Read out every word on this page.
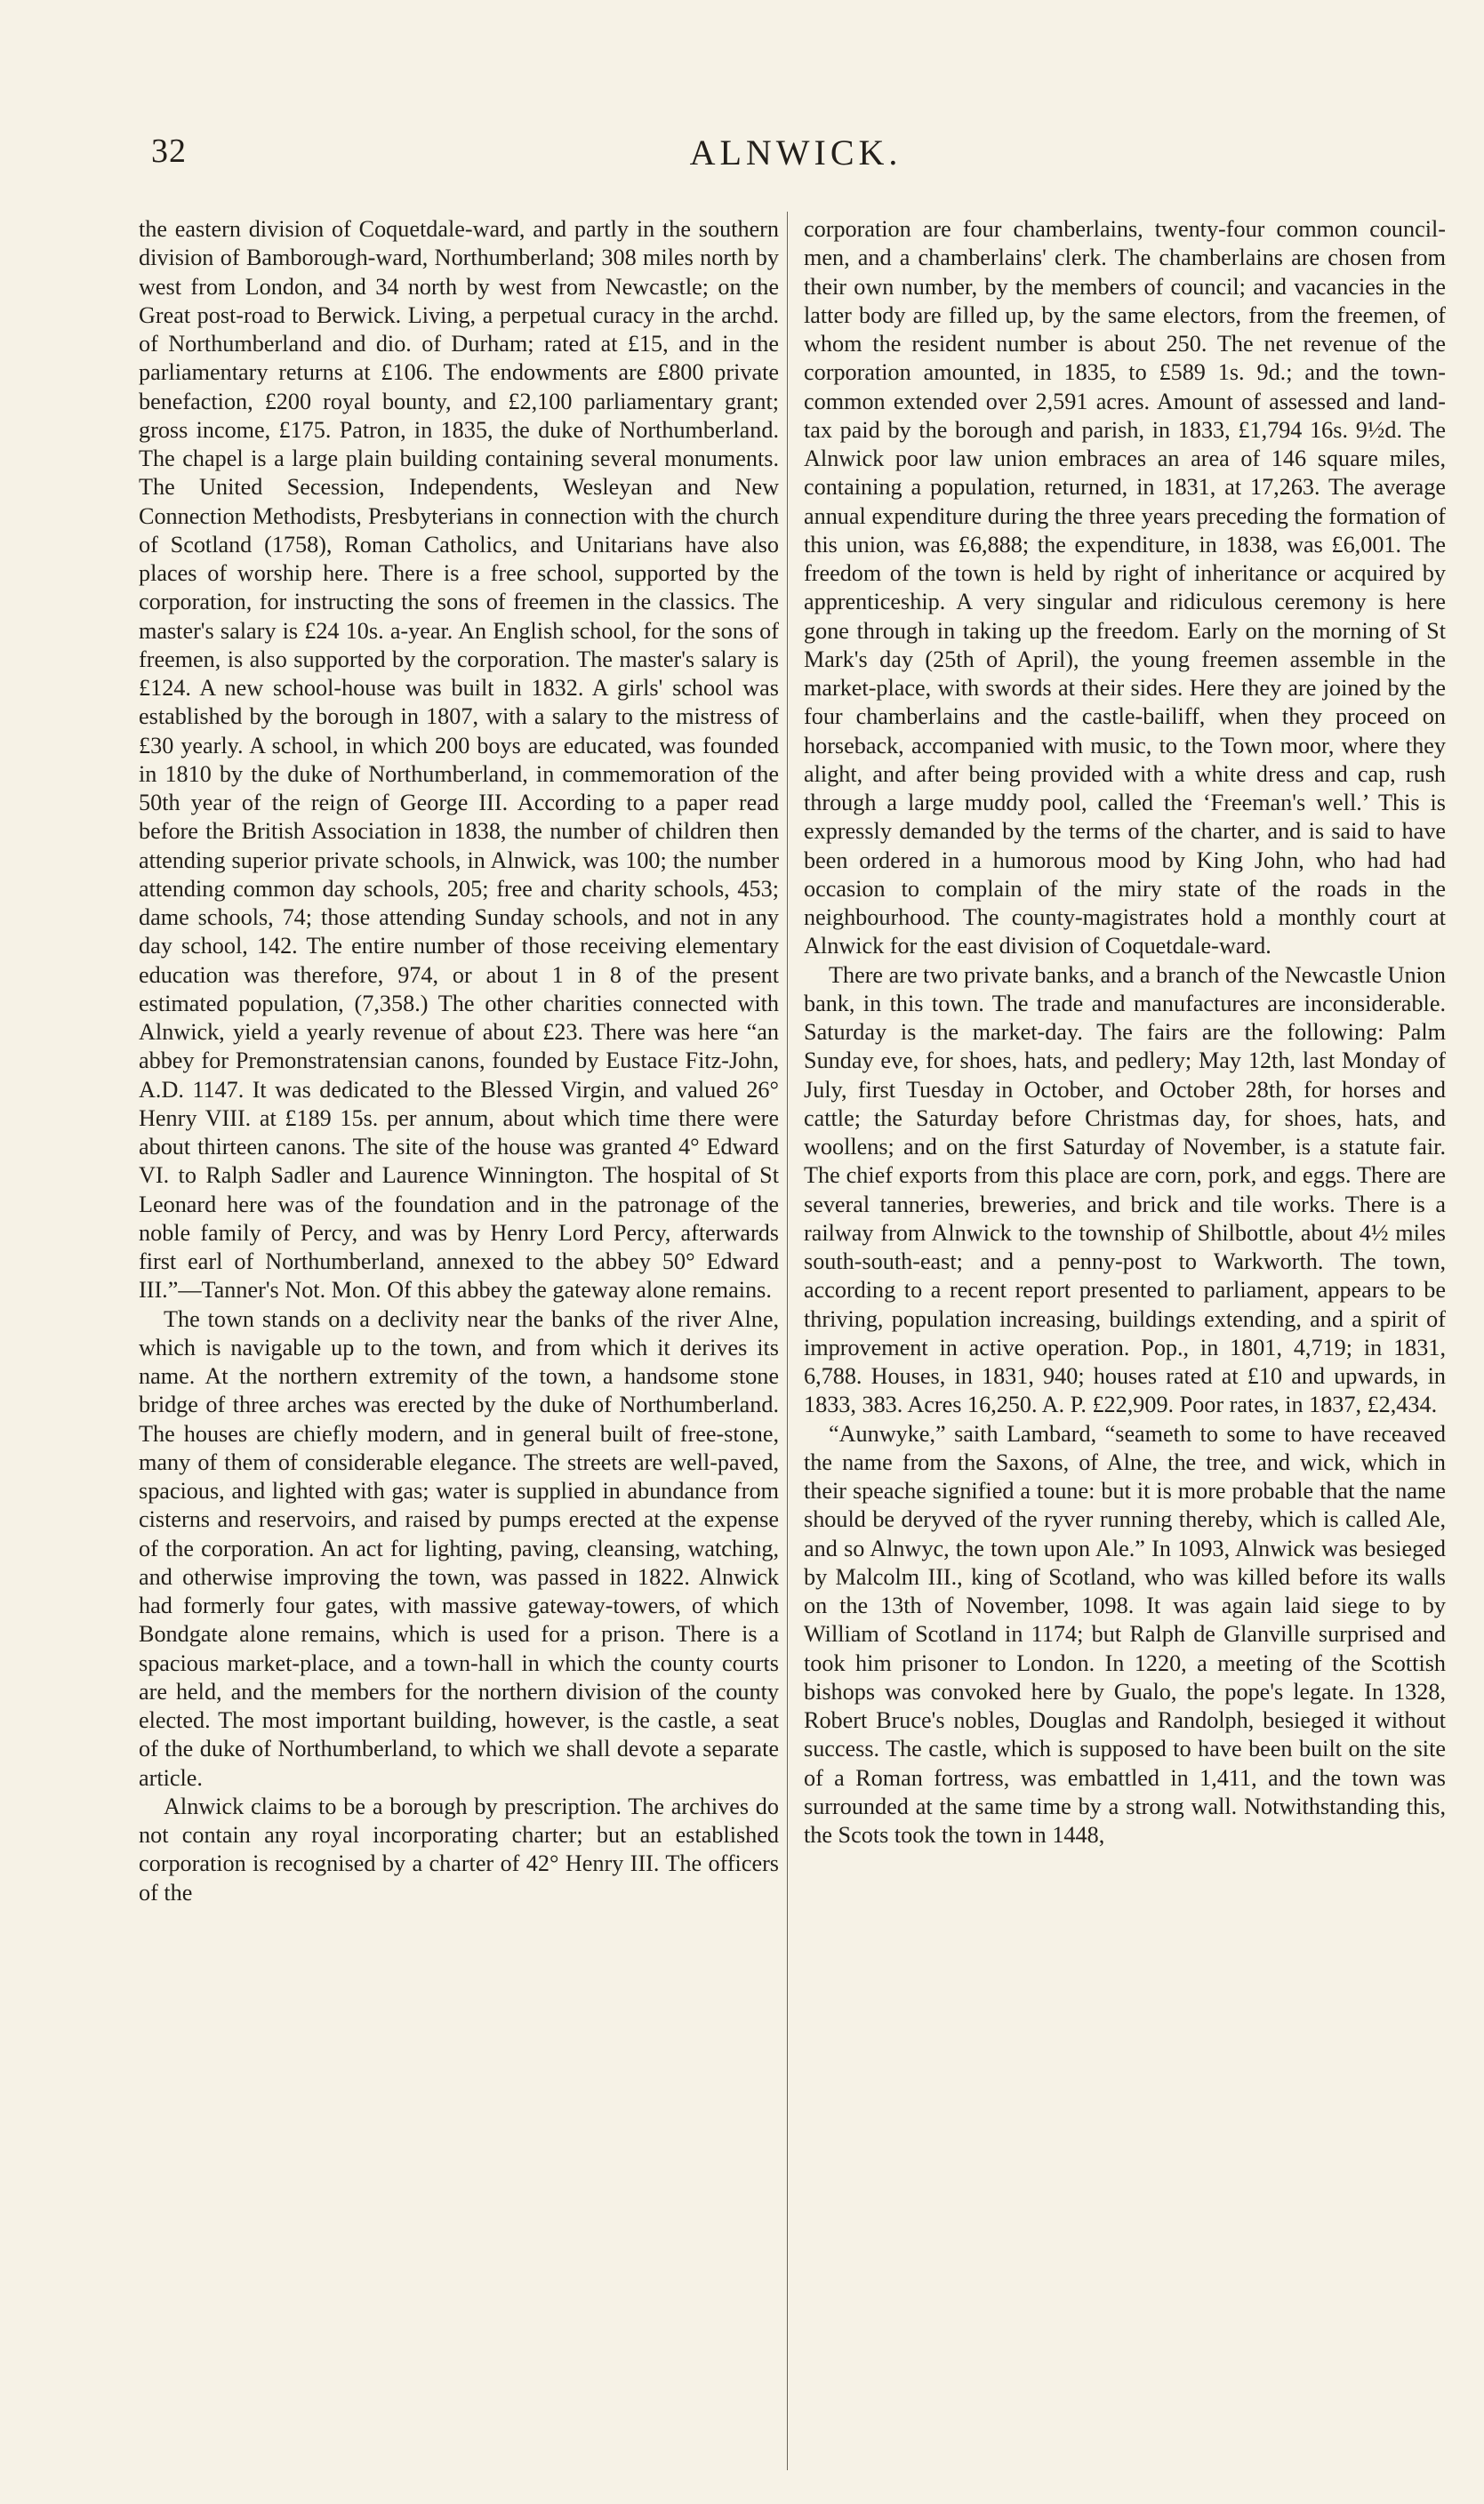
32	ALNWICK.

the eastern division of Coquetdale-ward, and partly in the southern division of Bamborough-ward, Northumberland; 308 miles north by west from London, and 34 north by west from Newcastle; on the Great post-road to Berwick. Living, a perpetual curacy in the archd. of Northumberland and dio. of Durham; rated at £15, and in the parliamentary returns at £106. The endowments are £800 private benefaction, £200 royal bounty, and £2,100 parliamentary grant; gross income, £175. Patron, in 1835, the duke of Northumberland. The chapel is a large plain building containing several monuments. The United Secession, Independents, Wesleyan and New Connection Methodists, Presbyterians in connection with the church of Scotland (1758), Roman Catholics, and Unitarians have also places of worship here. There is a free school, supported by the corporation, for instructing the sons of freemen in the classics. The master's salary is £24 10s. a-year. An English school, for the sons of freemen, is also supported by the corporation. The master's salary is £124. A new school-house was built in 1832. A girls' school was established by the borough in 1807, with a salary to the mistress of £30 yearly. A school, in which 200 boys are educated, was founded in 1810 by the duke of Northumberland, in commemoration of the 50th year of the reign of George III. According to a paper read before the British Association in 1838, the number of children then attending superior private schools, in Alnwick, was 100; the number attending common day schools, 205; free and charity schools, 453; dame schools, 74; those attending Sunday schools, and not in any day school, 142. The entire number of those receiving elementary education was therefore, 974, or about 1 in 8 of the present estimated population, (7,358.) The other charities connected with Alnwick, yield a yearly revenue of about £23. There was here “an abbey for Premonstratensian canons, founded by Eustace Fitz-John, A.D. 1147. It was dedicated to the Blessed Virgin, and valued 26° Henry VIII. at £189 15s. per annum, about which time there were about thirteen canons. The site of the house was granted 4° Edward VI. to Ralph Sadler and Laurence Winnington. The hospital of St Leonard here was of the foundation and in the patronage of the noble family of Percy, and was by Henry Lord Percy, afterwards first earl of Northumberland, annexed to the abbey 50° Edward III.”—Tanner's Not. Mon. Of this abbey the gateway alone remains.

The town stands on a declivity near the banks of the river Alne, which is navigable up to the town, and from which it derives its name. At the northern extremity of the town, a handsome stone bridge of three arches was erected by the duke of Northumberland. The houses are chiefly modern, and in general built of free-stone, many of them of considerable elegance. The streets are well-paved, spacious, and lighted with gas; water is supplied in abundance from cisterns and reservoirs, and raised by pumps erected at the expense of the corporation. An act for lighting, paving, cleansing, watching, and otherwise improving the town, was passed in 1822. Alnwick had formerly four gates, with massive gateway-towers, of which Bondgate alone remains, which is used for a prison. There is a spacious market-place, and a town-hall in which the county courts are held, and the members for the northern division of the county elected. The most important building, however, is the castle, a seat of the duke of Northumberland, to which we shall devote a separate article.

Alnwick claims to be a borough by prescription. The archives do not contain any royal incorporating charter; but an established corporation is recognised by a charter of 42° Henry III. The officers of the

corporation are four chamberlains, twenty-four common council-men, and a chamberlains' clerk. The chamberlains are chosen from their own number, by the members of council; and vacancies in the latter body are filled up, by the same electors, from the freemen, of whom the resident number is about 250. The net revenue of the corporation amounted, in 1835, to £589 1s. 9d.; and the town-common extended over 2,591 acres. Amount of assessed and land-tax paid by the borough and parish, in 1833, £1,794 16s. 9½d. The Alnwick poor law union embraces an area of 146 square miles, containing a population, returned, in 1831, at 17,263. The average annual expenditure during the three years preceding the formation of this union, was £6,888; the expenditure, in 1838, was £6,001. The freedom of the town is held by right of inheritance or acquired by apprenticeship. A very singular and ridiculous ceremony is here gone through in taking up the freedom. Early on the morning of St Mark's day (25th of April), the young freemen assemble in the market-place, with swords at their sides. Here they are joined by the four chamberlains and the castle-bailiff, when they proceed on horseback, accompanied with music, to the Town moor, where they alight, and after being provided with a white dress and cap, rush through a large muddy pool, called the ‘Freeman's well.’ This is expressly demanded by the terms of the charter, and is said to have been ordered in a humorous mood by King John, who had had occasion to complain of the miry state of the roads in the neighbourhood. The county-magistrates hold a monthly court at Alnwick for the east division of Coquetdale-ward.

There are two private banks, and a branch of the Newcastle Union bank, in this town. The trade and manufactures are inconsiderable. Saturday is the market-day. The fairs are the following: Palm Sunday eve, for shoes, hats, and pedlery; May 12th, last Monday of July, first Tuesday in October, and October 28th, for horses and cattle; the Saturday before Christmas day, for shoes, hats, and woollens; and on the first Saturday of November, is a statute fair. The chief exports from this place are corn, pork, and eggs. There are several tanneries, breweries, and brick and tile works. There is a railway from Alnwick to the township of Shilbottle, about 4½ miles south-south-east; and a penny-post to Warkworth. The town, according to a recent report presented to parliament, appears to be thriving, population increasing, buildings extending, and a spirit of improvement in active operation. Pop., in 1801, 4,719; in 1831, 6,788. Houses, in 1831, 940; houses rated at £10 and upwards, in 1833, 383. Acres 16,250. A. P. £22,909. Poor rates, in 1837, £2,434.

“Aunwyke,” saith Lambard, “seameth to some to have receaved the name from the Saxons, of Alne, the tree, and wick, which in their speache signified a toune: but it is more probable that the name should be deryved of the ryver running thereby, which is called Ale, and so Alnwyc, the town upon Ale.” In 1093, Alnwick was besieged by Malcolm III., king of Scotland, who was killed before its walls on the 13th of November, 1098. It was again laid siege to by William of Scotland in 1174; but Ralph de Glanville surprised and took him prisoner to London. In 1220, a meeting of the Scottish bishops was convoked here by Gualo, the pope's legate. In 1328, Robert Bruce's nobles, Douglas and Randolph, besieged it without success. The castle, which is supposed to have been built on the site of a Roman fortress, was embattled in 1,411, and the town was surrounded at the same time by a strong wall. Notwithstanding this, the Scots took the town in 1448,
